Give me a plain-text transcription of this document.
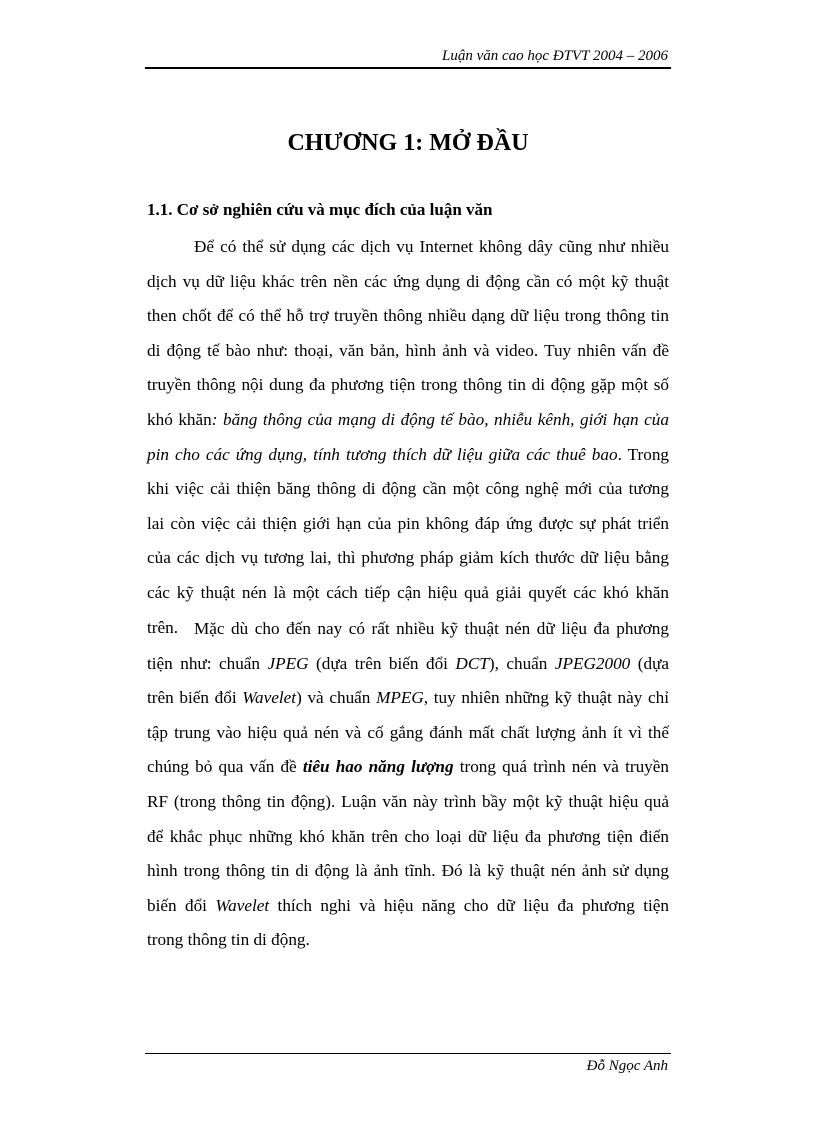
Luận văn cao học ĐTVT 2004 – 2006
CHƯƠNG 1: MỞ ĐẦU
1.1. Cơ sở nghiên cứu và mục đích của luận văn
Để có thể sử dụng các dịch vụ Internet không dây cũng như nhiều
dịch vụ dữ liệu khác trên nền các ứng dụng di động cần có một kỹ thuật
then chốt để có thể hỗ trợ truyền thông nhiều dạng dữ liệu trong thông tin
di động tế bào như: thoại, văn bản, hình ảnh và video. Tuy nhiên vấn đề
truyền thông nội dung đa phương tiện trong thông tin di động gặp một số
khó khăn: băng thông của mạng di động tế bào, nhiễu kênh, giới hạn của
pin cho các ứng dụng, tính tương thích dữ liệu giữa các thuê bao. Trong
khi việc cải thiện băng thông di động cần một công nghệ mới của tương
lai còn việc cải thiện giới hạn của pin không đáp ứng được sự phát triển
của các dịch vụ tương lai, thì phương pháp giảm kích thước dữ liệu bằng
các kỹ thuật nén là một cách tiếp cận hiệu quả giải quyết các khó khăn
trên. Mặc dù cho đến nay có rất nhiều kỹ thuật nén dữ liệu đa phương
tiện như: chuẩn JPEG (dựa trên biến đổi DCT), chuẩn JPEG2000 (dựa
trên biến đổi Wavelet) và chuẩn MPEG, tuy nhiên những kỹ thuật này chỉ
tập trung vào hiệu quả nén và cố gắng đánh mất chất lượng ảnh ít vì thế
chúng bỏ qua vấn đề tiêu hao năng lượng trong quá trình nén và truyền
RF (trong thông tin động). Luận văn này trình bầy một kỹ thuật hiệu quả
để khắc phục những khó khăn trên cho loại dữ liệu đa phương tiện điển
hình trong thông tin di động là ảnh tĩnh. Đó là kỹ thuật nén ảnh sử dụng
biến đổi Wavelet thích nghi và hiệu năng cho dữ liệu đa phương tiện
trong thông tin di động.
Đỗ Ngọc Anh
